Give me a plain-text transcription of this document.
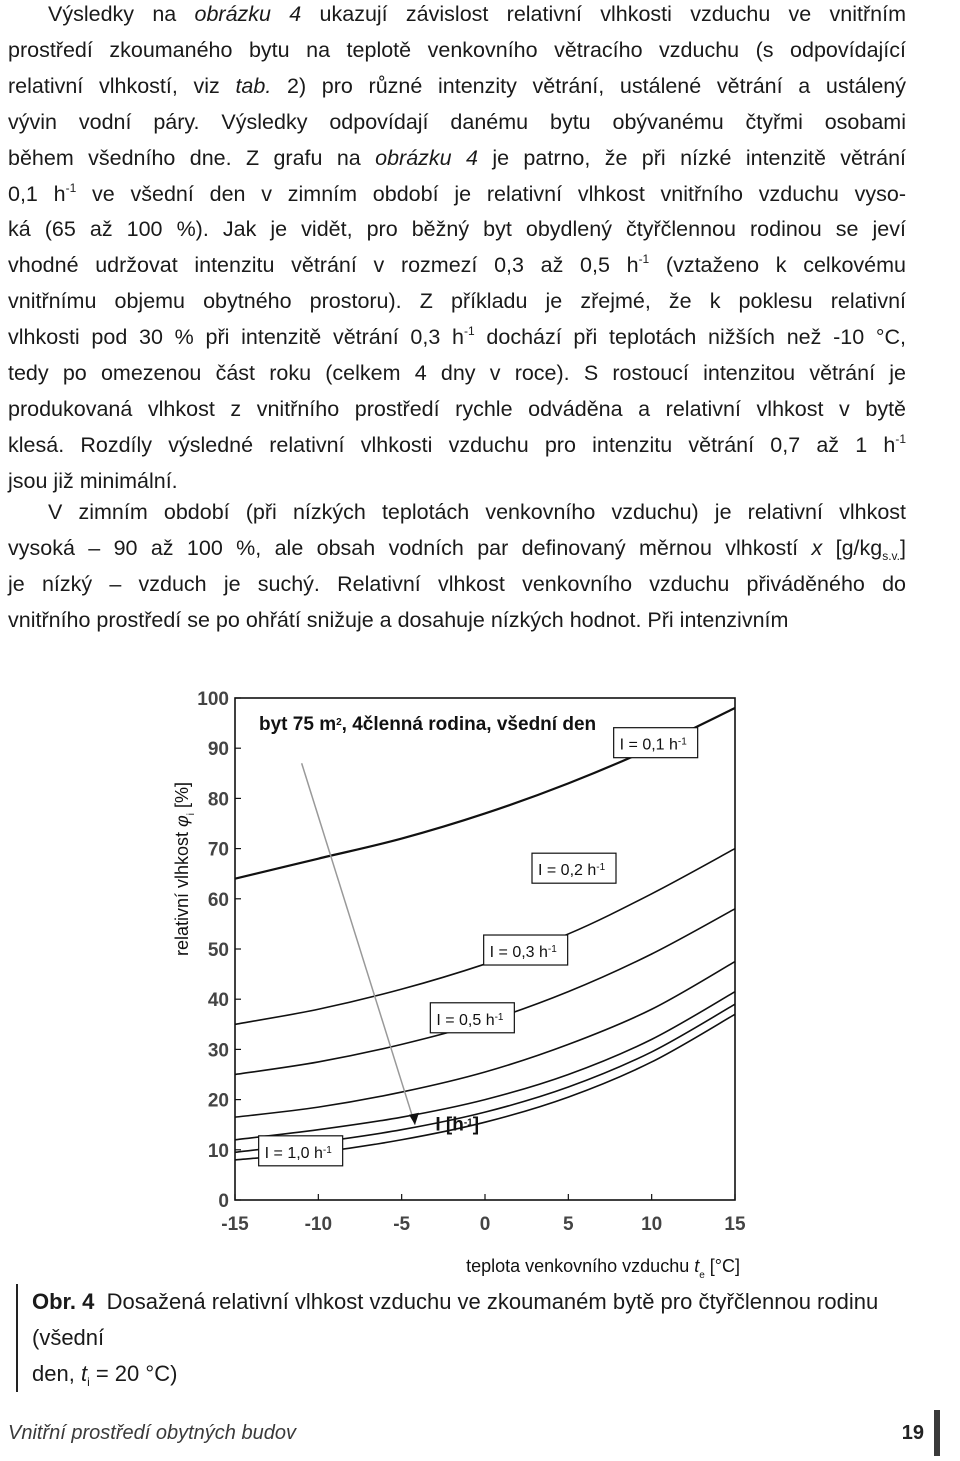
Výsledky na obrázku 4 ukazují závislost relativní vlhkosti vzduchu ve vnitřním
prostředí zkoumaného bytu na teplotě venkovního větracího vzduchu (s odpovídající
relativní vlhkostí, viz tab. 2) pro různé intenzity větrání, ustálené větrání a ustálený
vývin vodní páry. Výsledky odpovídají danému bytu obývanému čtyřmi osobami
během všedního dne. Z grafu na obrázku 4 je patrno, že při nízké intenzitě větrání
0,1 $h^{-1}$ ve všední den v zimním období je relativní vlhkost vnitřního vzduchu vyso-
ká (65 až 100 %). Jak je vidět, pro běžný byt obydlený čtyřčlennou rodinou se jeví
vhodné udržovat intenzitu větrání v rozmezí 0,3 až 0,5 $h^{-1}$ (vztaženo k celkovému
vnitřnímu objemu obytného prostoru). Z příkladu je zřejmé, že k poklesu relativní
vlhkosti pod 30 % při intenzitě větrání 0,3 $h^{-1}$ dochází při teplotách nižších než -10 °C,
tedy po omezenou část roku (celkem 4 dny v roce). S rostoucí intenzitou větrání je
produkovaná vlhkost z vnitřního prostředí rychle odváděna a relativní vlhkost v bytě
klesá. Rozdíly výsledné relativní vlhkosti vzduchu pro intenzitu větrání 0,7 až 1 $h^{-1}$
jsou již minimální.
V zimním období (při nízkých teplotách venkovního vzduchu) je relativní vlhkost
vysoká – 90 až 100 %, ale obsah vodních par definovaný měrnou vlhkostí x $[g/kg_{s.v.}]$
je nízký – vzduch je suchý. Relativní vlhkost venkovního vzduchu přiváděného do
vnitřního prostředí se po ohřátí snižuje a dosahuje nízkých hodnot. Při intenzivním
0
10
20
30
40
50
60
70
80
90
100
-15	-10	-5	0	5	10	15
I $[h^{-1}]$
byt 75 $m^2$, 4členná rodina, všední den
I = 0,1 $h^{-1}$
I = 0,2 $h^{-1}$
I = 0,3 $h^{-1}$
I = 0,5 $h^{-1}$
I = 1,0 $h^{-1}$
relativní vlhkost $\varphi_i$ [%]
teplota venkovního vzduchu $t_e$ [°C]
Obr. 4 Dosažená relativní vlhkost vzduchu ve zkoumaném bytě pro čtyřčlennou rodinu (všední
den, $t_i = 20$ °C)
Vnitřní prostředí obytných budov	19
